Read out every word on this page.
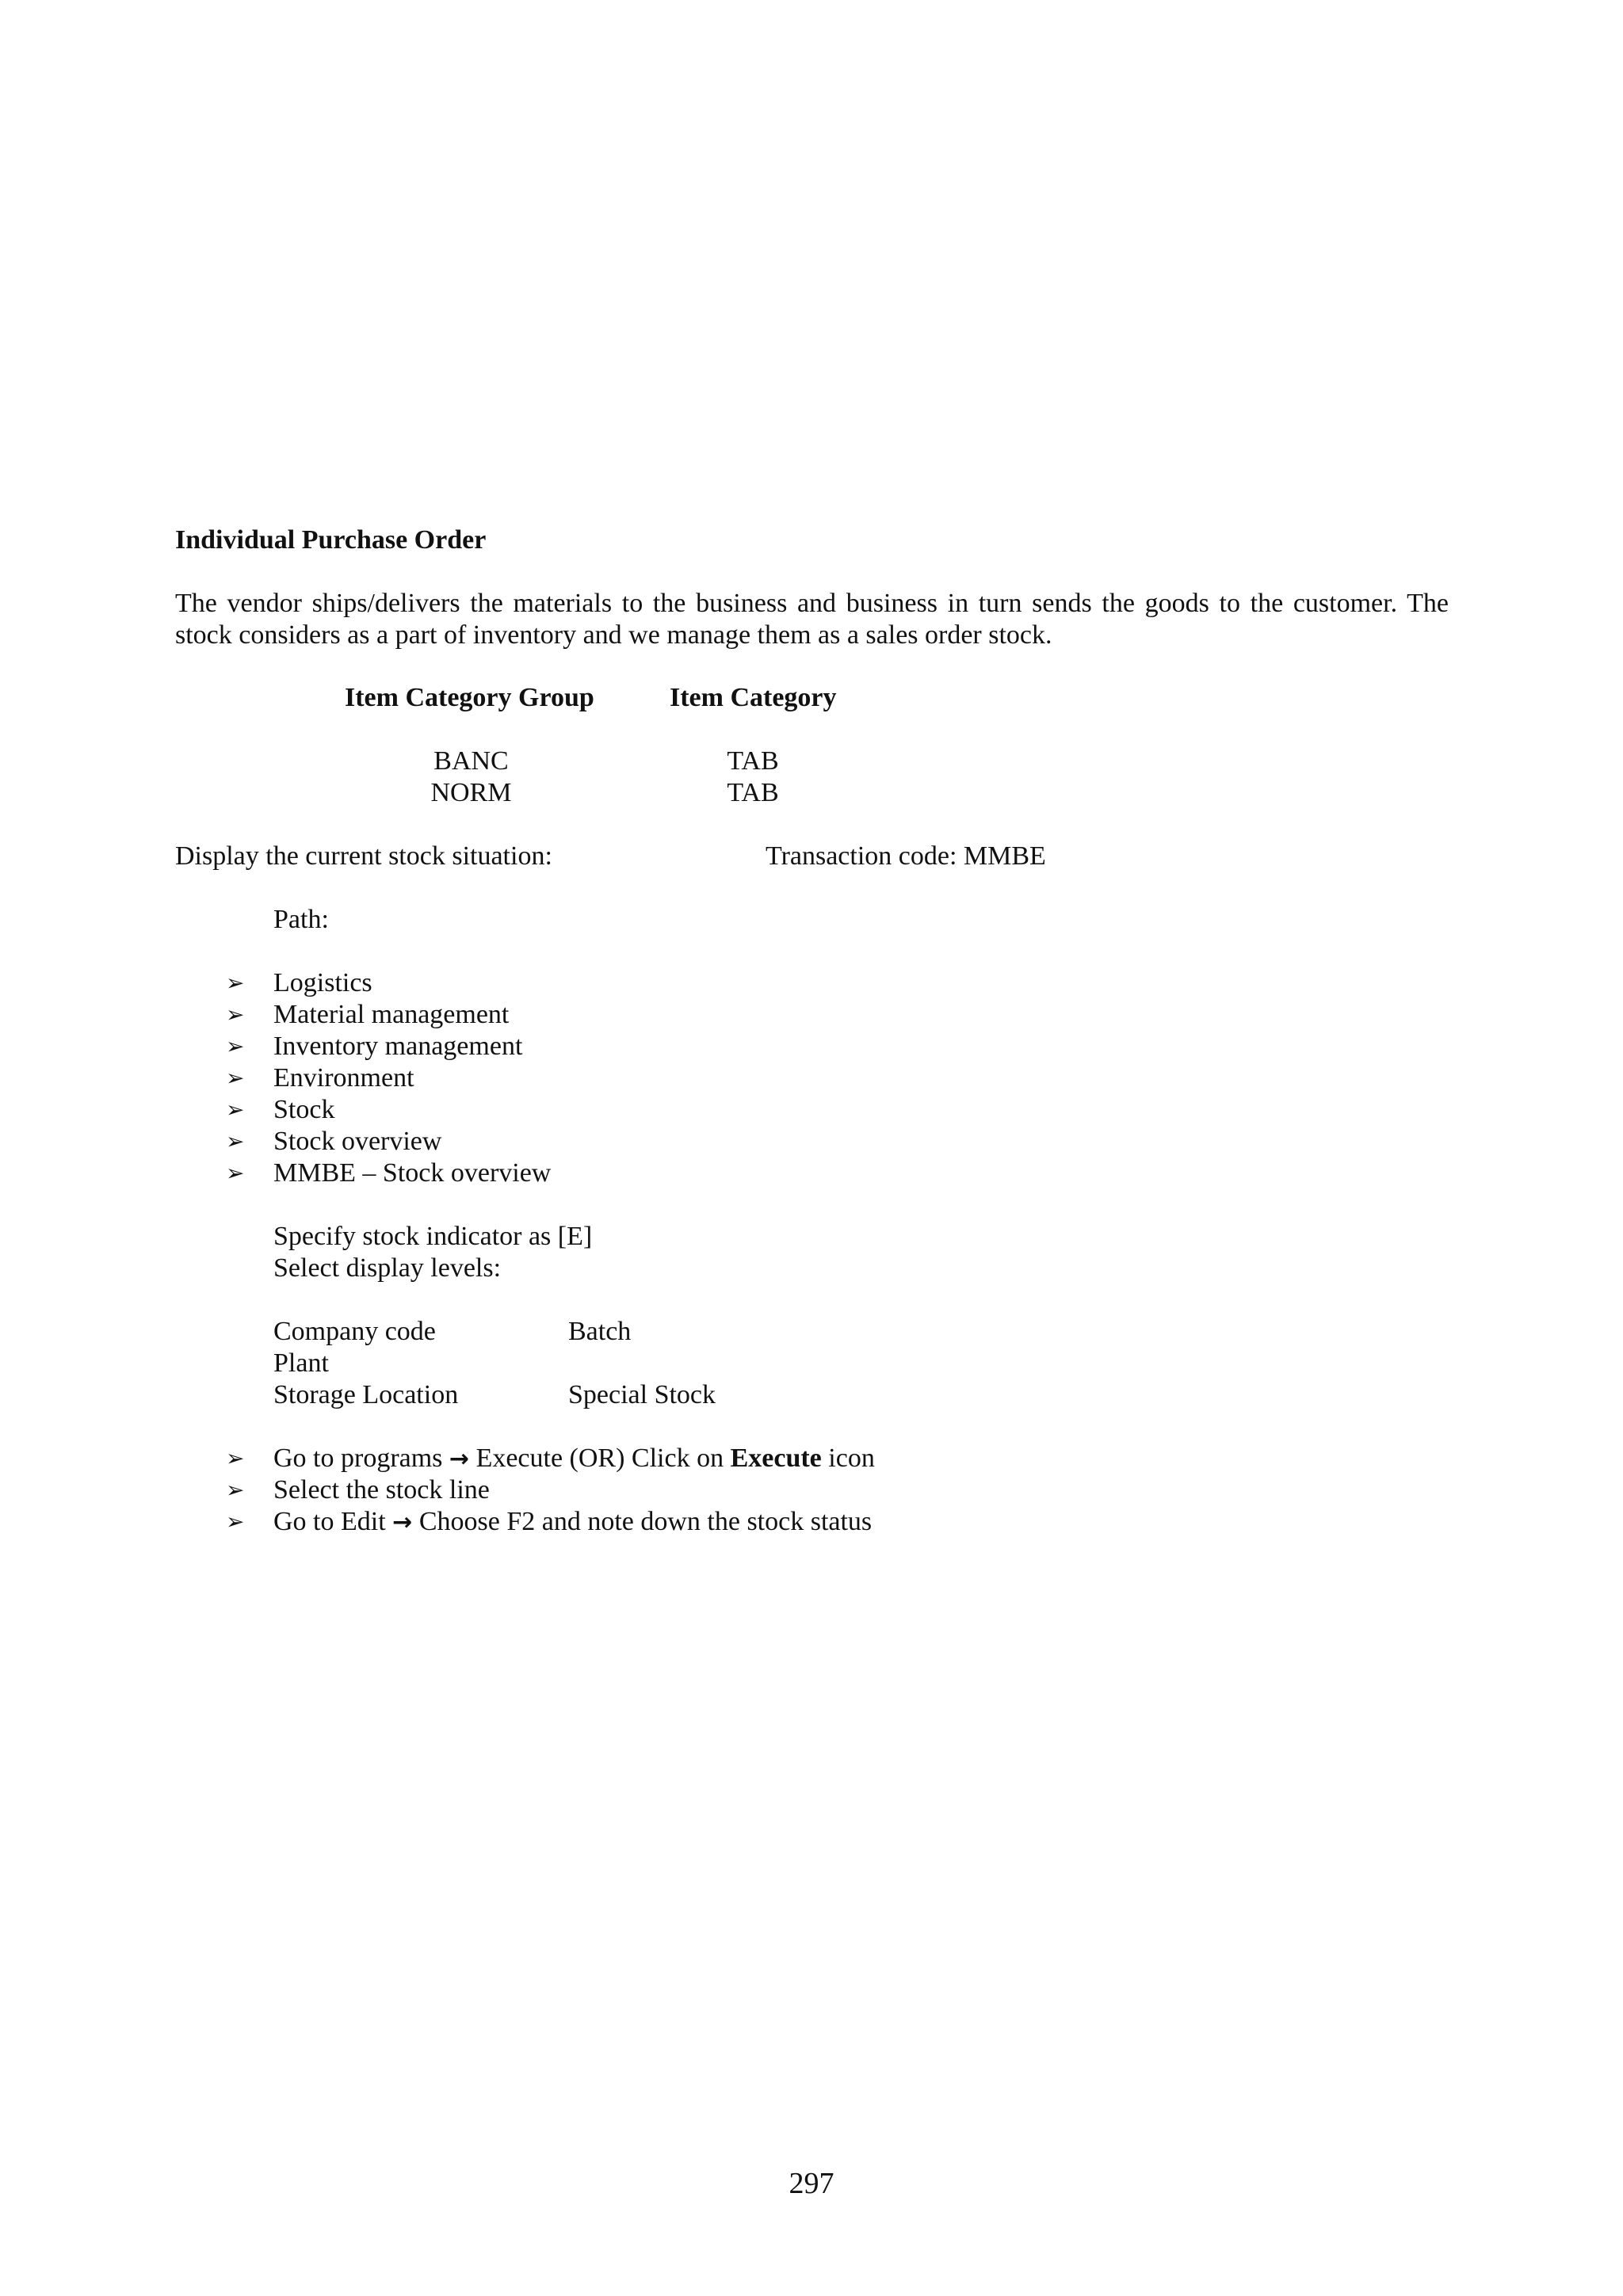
Individual Purchase Order
The vendor ships/delivers the materials to the business and business in turn sends the goods to the customer. The stock considers as a part of inventory and we manage them as a sales order stock.
Item Category Group	Item Category
BANC	TAB
NORM	TAB
Display the current stock situation:	Transaction code: MMBE
Path:
➢ Logistics
➢ Material management
➢ Inventory management
➢ Environment
➢ Stock
➢ Stock overview
➢ MMBE – Stock overview
Specify stock indicator as [E]
Select display levels:
Company code	Batch
Plant
Storage Location	Special Stock
➢ Go to programs → Execute (OR) Click on Execute icon
➢ Select the stock line
➢ Go to Edit → Choose F2 and note down the stock status
297
